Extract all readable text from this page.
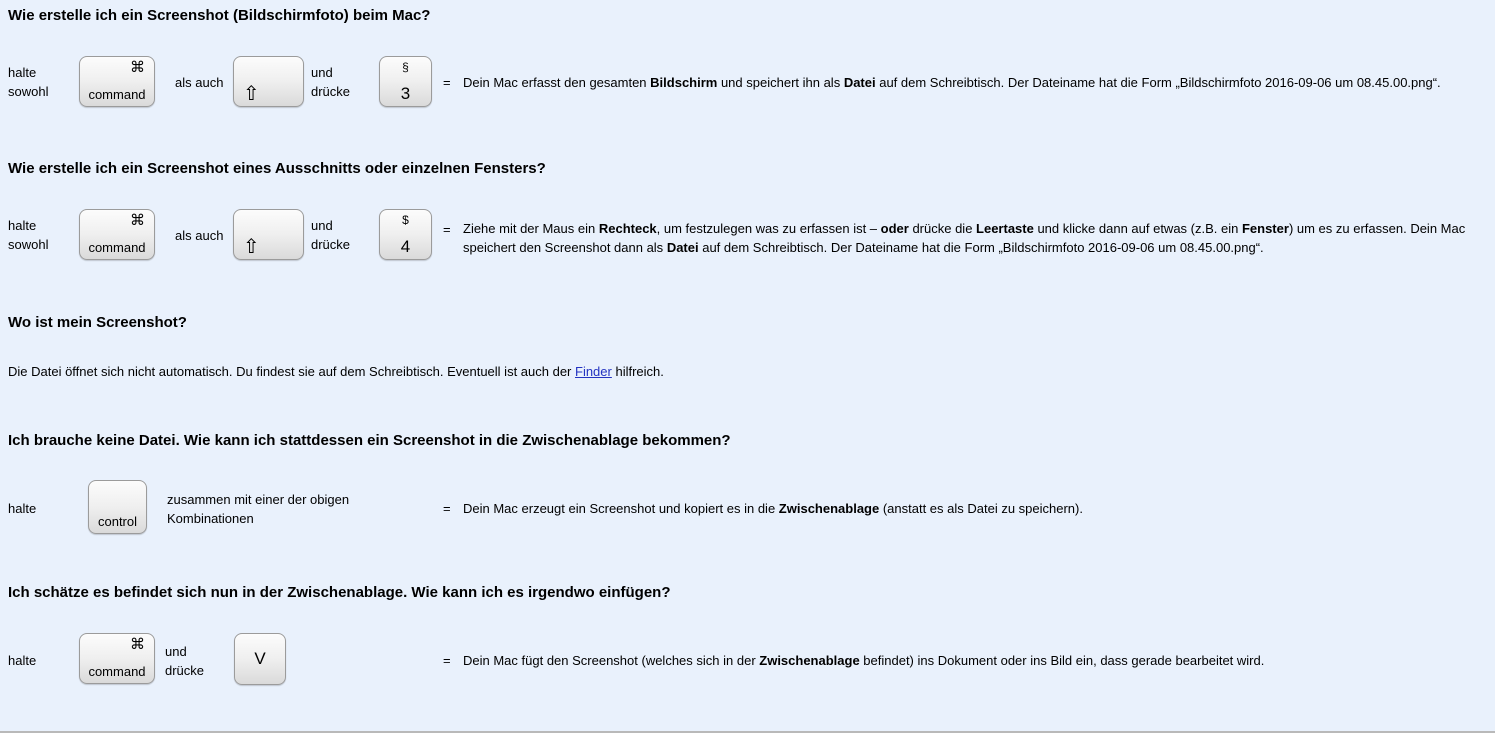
Wie erstelle ich ein Screenshot (Bildschirmfoto) beim Mac?
halte
sowohl
⌘
command
als auch
⇧
und
drücke
§
3
= Dein Mac erfasst den gesamten Bildschirm und speichert ihn als Datei auf dem Schreibtisch. Der Dateiname hat die Form „Bildschirmfoto 2016-09-06 um 08.45.00.png“.
Wie erstelle ich ein Screenshot eines Ausschnitts oder einzelnen Fensters?
halte
sowohl
⌘
command
als auch
⇧
und
drücke
$
4
= Ziehe mit der Maus ein Rechteck, um festzulegen was zu erfassen ist – oder drücke die Leertaste und klicke dann auf etwas (z.B. ein Fenster) um es zu erfassen. Dein Mac speichert den Screenshot dann als Datei auf dem Schreibtisch. Der Dateiname hat die Form „Bildschirmfoto 2016-09-06 um 08.45.00.png“.
Wo ist mein Screenshot?
Die Datei öffnet sich nicht automatisch. Du findest sie auf dem Schreibtisch. Eventuell ist auch der Finder hilfreich.
Ich brauche keine Datei. Wie kann ich stattdessen ein Screenshot in die Zwischenablage bekommen?
halte
control
zusammen mit einer der obigen
Kombinationen
= Dein Mac erzeugt ein Screenshot und kopiert es in die Zwischenablage (anstatt es als Datei zu speichern).
Ich schätze es befindet sich nun in der Zwischenablage. Wie kann ich es irgendwo einfügen?
halte
⌘
command
und
drücke
V	= Dein Mac fügt den Screenshot (welches sich in der Zwischenablage befindet) ins Dokument oder ins Bild ein, dass gerade bearbeitet wird.
